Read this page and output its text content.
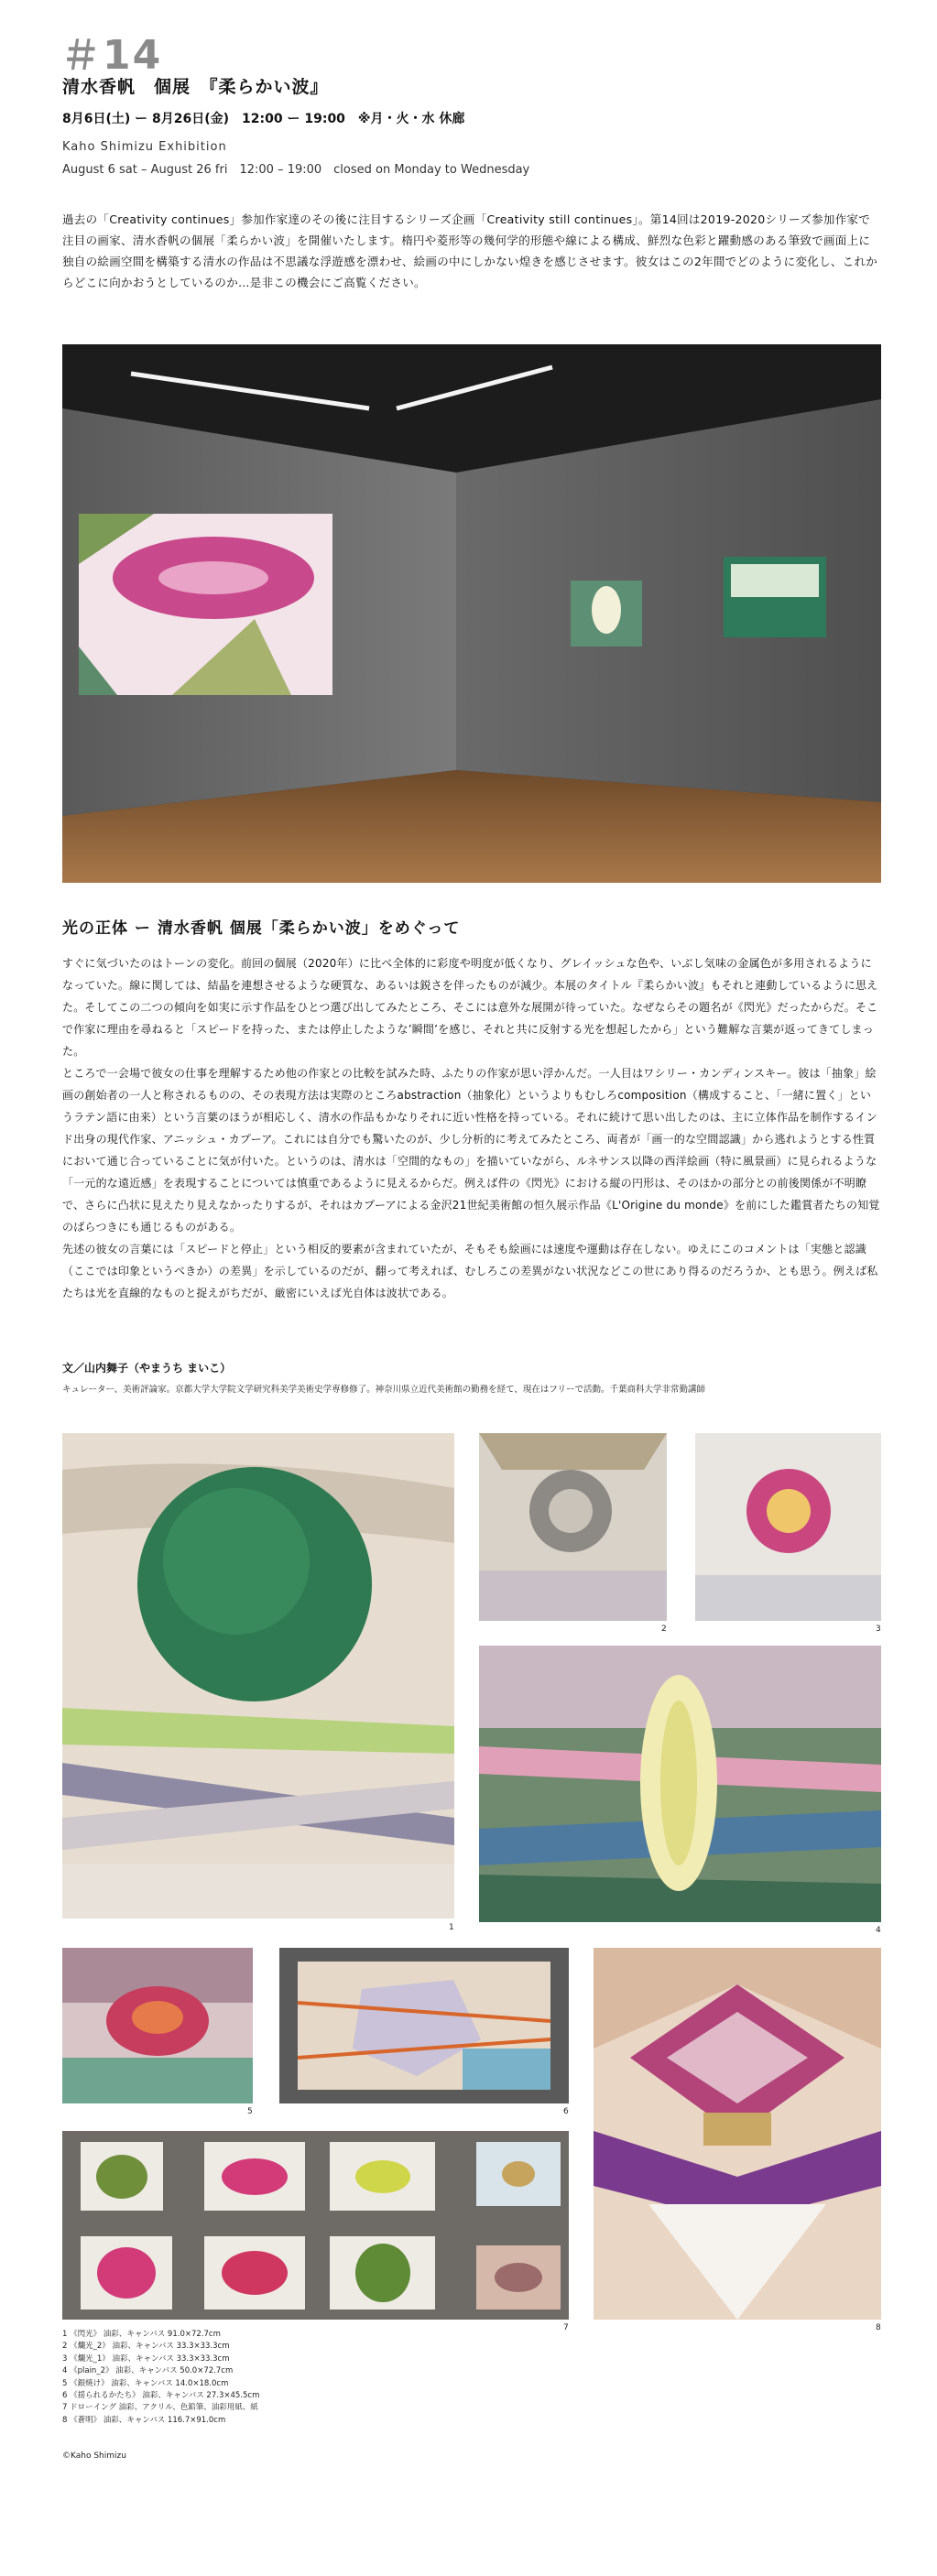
＃14
清水香帆　個展　『柔らかい波』
8月6日(土) ー 8月26日(金)　12:00 ー 19:00　※月・火・水 休廊
Kaho Shimizu Exhibition
August 6 sat – August 26 fri　12:00 – 19:00　closed on Monday to Wednesday
過去の「Creativity continues」参加作家達のその後に注目するシリーズ企画「Creativity still continues」。第14回は2019-2020シリーズ参加作家で注目の画家、清水香帆の個展「柔らかい波」を開催いたします。楕円や菱形等の幾何学的形態や線による構成、鮮烈な色彩と躍動感のある筆致で画面上に独自の絵画空間を構築する清水の作品は不思議な浮遊感を漂わせ、絵画の中にしかない煌きを感じさせます。彼女はこの2年間でどのように変化し、これからどこに向かおうとしているのか…是非この機会にご高覧ください。
光の正体 ー 清水香帆 個展「柔らかい波」をめぐって

すぐに気づいたのはトーンの変化。前回の個展（2020年）に比べ全体的に彩度や明度が低くなり、グレイッシュな色や、いぶし気味の金属色が多用されるようになっていた。線に関しては、結晶を連想させるような硬質な、あるいは鋭さを伴ったものが減少。本展のタイトル『柔らかい波』もそれと連動しているように思えた。そしてこの二つの傾向を如実に示す作品をひとつ選び出してみたところ、そこには意外な展開が待っていた。なぜならその題名が《閃光》だったからだ。そこで作家に理由を尋ねると「スピードを持った、または停止したような’瞬間’を感じ、それと共に反射する光を想起したから」という難解な言葉が返ってきてしまった。

ところで一会場で彼女の仕事を理解するため他の作家との比較を試みた時、ふたりの作家が思い浮かんだ。一人目はワシリー・カンディンスキー。彼は「抽象」絵画の創始者の一人と称されるものの、その表現方法は実際のところabstraction（抽象化）というよりもむしろcomposition（構成すること、「一緒に置く」というラテン語に由来）という言葉のほうが相応しく、清水の作品もかなりそれに近い性格を持っている。それに続けて思い出したのは、主に立体作品を制作するインド出身の現代作家、アニッシュ・カプーア。これには自分でも驚いたのが、少し分析的に考えてみたところ、両者が「画一的な空間認識」から逃れようとする性質において通じ合っていることに気が付いた。というのは、清水は「空間的なもの」を描いていながら、ルネサンス以降の西洋絵画（特に風景画）に見られるような「一元的な遠近感」を表現することについては慎重であるように見えるからだ。例えば件の《閃光》における縦の円形は、そのほかの部分との前後関係が不明瞭で、さらに凸状に見えたり見えなかったりするが、それはカプーアによる金沢21世紀美術館の恒久展示作品《L'Origine du monde》を前にした鑑賞者たちの知覚のばらつきにも通じるものがある。

先述の彼女の言葉には「スピードと停止」という相反的要素が含まれていたが、そもそも絵画には速度や運動は存在しない。ゆえにこのコメントは「実態と認識（ここでは印象というべきか）の差異」を示しているのだが、翻って考えれば、むしろこの差異がない状況などこの世にあり得るのだろうか、とも思う。例えば私たちは光を直線的なものと捉えがちだが、厳密にいえば光自体は波状である。

文／山内舞子（やまうち まいこ）
キュレーター、美術評論家。京都大学大学院文学研究科美学美術史学専修修了。神奈川県立近代美術館の勤務を経て、現在はフリーで活動。千葉商科大学非常勤講師
1
2	3
4
5	6
7	8
1 《閃光》 油彩、キャンバス 91.0×72.7cm
2 《爛光_2》 油彩、キャンバス 33.3×33.3cm
3 《爛光_1》 油彩、キャンバス 33.3×33.3cm
4 《plain_2》 油彩、キャンバス 50.0×72.7cm
5 《銀焼け》 油彩、キャンバス 14.0×18.0cm
6 《揺られるかたち》 油彩、キャンバス 27.3×45.5cm
7 ドローイング 油彩、アクリル、色鉛筆、油彩用紙、紙
8 《蒼明》 油彩、キャンバス 116.7×91.0cm
©Kaho Shimizu
